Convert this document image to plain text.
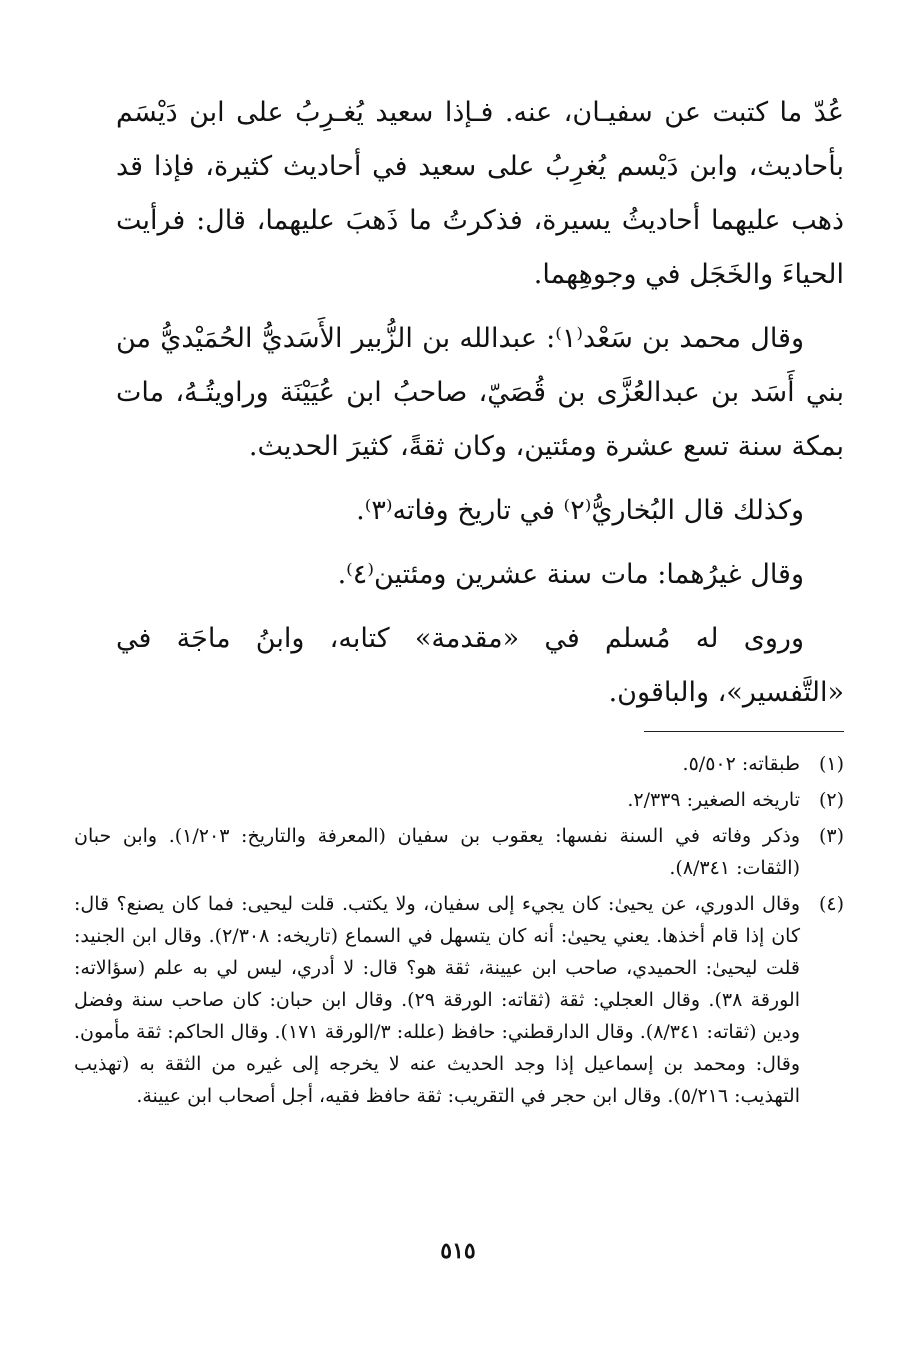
عُدّ ما كتبت عن سفيـان، عنه. فـإذا سعيد يُغـرِبُ على ابن دَيْسَم بأحاديث، وابن دَيْسم يُغرِبُ على سعيد في أحاديث كثيرة، فإذا قد ذهب عليهما أحاديثُ يسيرة، فذكرتُ ما ذَهبَ عليهما، قال: فرأيت الحياءَ والخَجَل في وجوهِهما.

وقال محمد بن سَعْد⁽١⁾: عبدالله بن الزُّبير الأَسَديُّ الحُمَيْديُّ من بني أَسَد بن عبدالعُزَّى بن قُصَيّ، صاحبُ ابن عُيَيْنَة وراويتُـهُ، مات بمكة سنة تسع عشرة ومئتين، وكان ثقةً، كثيرَ الحديث.

وكذلك قال البُخاريُّ⁽٢⁾ في تاريخ وفاته⁽٣⁾.

وقال غيرُهما: مات سنة عشرين ومئتين⁽٤⁾.

وروى له مُسلم في «مقدمة» كتابه، وابنُ ماجَة في «التَّفسير»، والباقون.

(١)
طبقاته: ٥/٥٠٢.
(٢)
تاريخه الصغير: ٢/٣٣٩.
(٣)
وذكر وفاته في السنة نفسها: يعقوب بن سفيان (المعرفة والتاريخ: ١/٢٠٣). وابن حبان (الثقات: ٨/٣٤١).
(٤)
وقال الدوري، عن يحيىٰ: كان يجيء إلى سفيان، ولا يكتب. قلت ليحيى: فما كان يصنع؟ قال: كان إذا قام أخذها. يعني يحيىٰ: أنه كان يتسهل في السماع (تاريخه: ٢/٣٠٨). وقال ابن الجنيد: قلت ليحيىٰ: الحميدي، صاحب ابن عيينة، ثقة هو؟ قال: لا أدري، ليس لي به علم (سؤالاته: الورقة ٣٨). وقال العجلي: ثقة (ثقاته: الورقة ٢٩). وقال ابن حبان: كان صاحب سنة وفضل ودين (ثقاته: ٨/٣٤١). وقال الدارقطني: حافظ (علله: ٣/الورقة ١٧١). وقال الحاكم: ثقة مأمون. وقال: ومحمد بن إسماعيل إذا وجد الحديث عنه لا يخرجه إلى غيره من الثقة به (تهذيب التهذيب: ٥/٢١٦). وقال ابن حجر في التقريب: ثقة حافظ فقيه، أجل أصحاب ابن عيينة.
٥١٥
